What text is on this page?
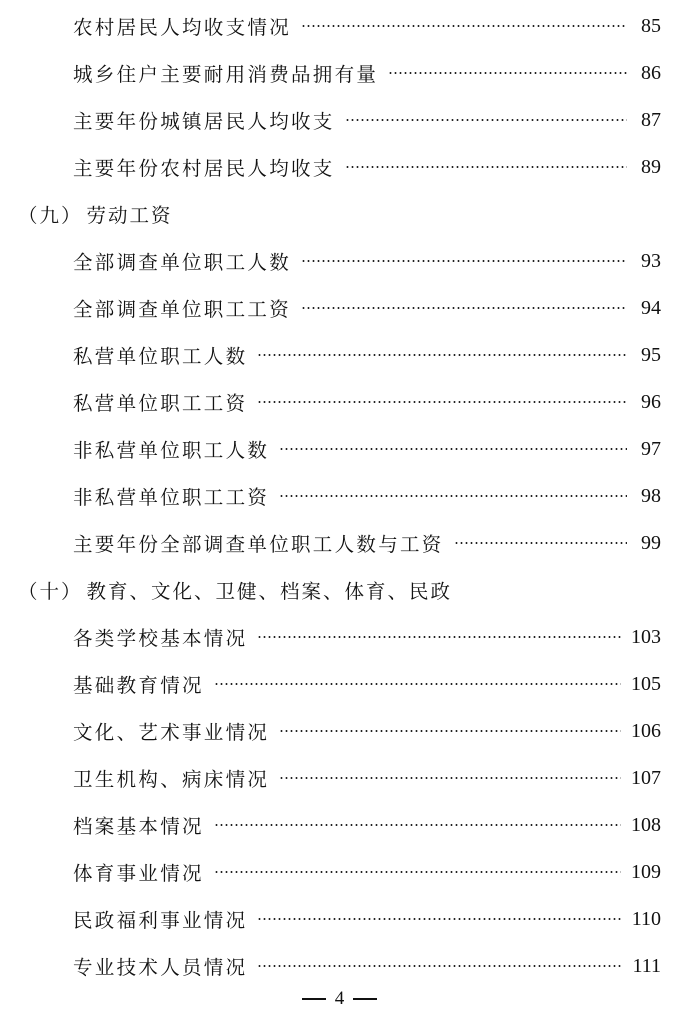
农村居民人均收支情况	85
城乡住户主要耐用消费品拥有量	86
主要年份城镇居民人均收支	87
主要年份农村居民人均收支	89
（九） 劳动工资
全部调查单位职工人数	93
全部调查单位职工工资	94
私营单位职工人数	95
私营单位职工工资	96
非私营单位职工人数	97
非私营单位职工工资	98
主要年份全部调查单位职工人数与工资	99
（十） 教育、文化、卫健、档案、体育、民政
各类学校基本情况	103
基础教育情况	105
文化、艺术事业情况	106
卫生机构、病床情况	107
档案基本情况	108
体育事业情况	109
民政福利事业情况	110
专业技术人员情况	111
4
